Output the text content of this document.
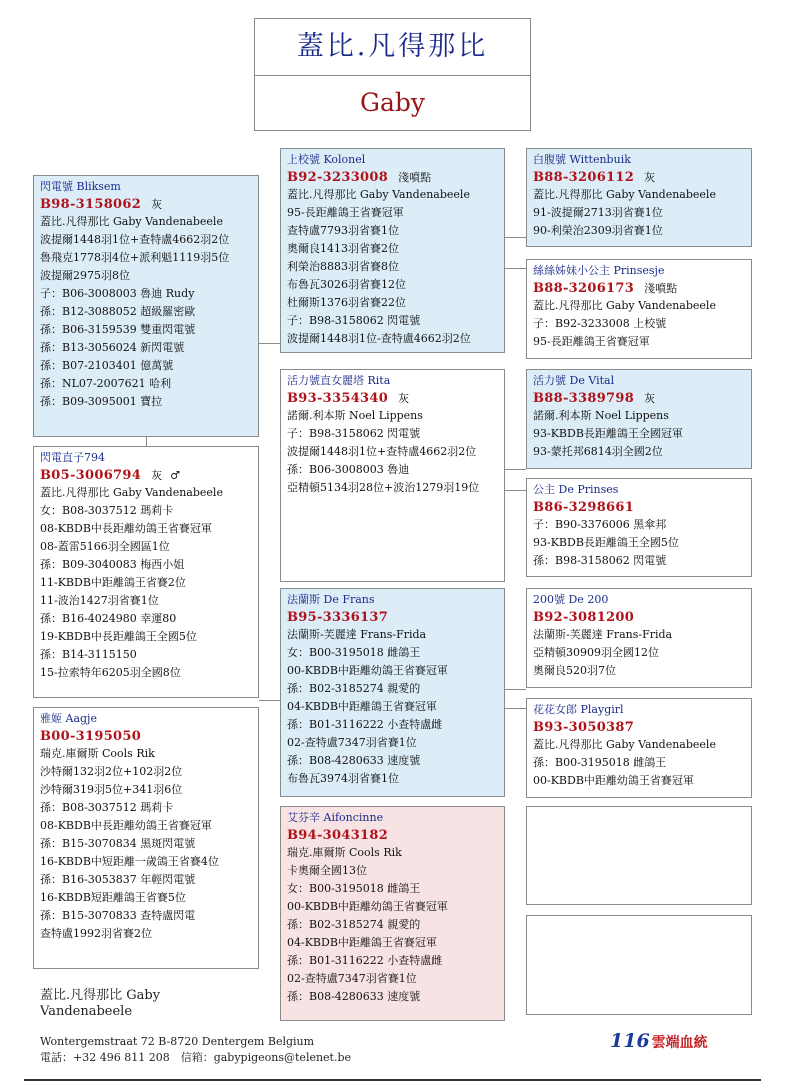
蓋比.凡得那比
Gaby
閃電號 Bliksem
B98-3158062 灰
蓋比.凡得那比 Gaby Vandenabeele
波提爾1448羽1位+查特盧4662羽2位
魯飛克1778羽4位+派利魁1119羽5位
波提爾2975羽8位
子：B06-3008003 魯迪 Rudy
孫：B12-3088052 超級羅密歐
孫：B06-3159539 雙重閃電號
孫：B13-3056024 新閃電號
孫：B07-2103401 億萬號
孫：NL07-2007621 哈利
孫：B09-3095001 寶拉
閃電直子794
B05-3006794 灰 ♂
蓋比.凡得那比 Gaby Vandenabeele
女：B08-3037512 瑪莉卡
08-KBDB中長距離幼鴿王省賽冠軍
08-蓋雷5166羽全國區1位
孫：B09-3040083 梅西小姐
11-KBDB中距離鴿王省賽2位
11-波治1427羽省賽1位
孫：B16-4024980 幸運80
19-KBDB中長距離鴿王全國5位
孫：B14-3115150
15-拉索特年6205羽全國8位
雅姬 Aagje
B00-3195050
瑞克.庫爾斯 Cools Rik
沙特爾132羽2位+102羽2位
沙特爾319羽5位+341羽6位
孫：B08-3037512 瑪莉卡
08-KBDB中長距離幼鴿王省賽冠軍
孫：B15-3070834 黑斑閃電號
16-KBDB中短距離一歲鴿王省賽4位
孫：B16-3053837 年輕閃電號
16-KBDB短距離鴿王省賽5位
孫：B15-3070833 查特盧閃電
查特盧1992羽省賽2位
上校號 Kolonel
B92-3233008 淺噴點
蓋比.凡得那比 Gaby Vandenabeele
95-長距離鴿王省賽冠軍
查特盧7793羽省賽1位
奧爾良1413羽省賽2位
利榮治8883羽省賽8位
布魯瓦3026羽省賽12位
杜爾斯1376羽省賽22位
子：B98-3158062 閃電號
波提爾1448羽1位-查特盧4662羽2位
活力號直女麗塔 Rita
B93-3354340 灰
諾爾.利本斯 Noel Lippens
子：B98-3158062 閃電號
波提爾1448羽1位+查特盧4662羽2位
孫：B06-3008003 魯迪
亞精頓5134羽28位+波治1279羽19位
法蘭斯 De Frans
B95-3336137
法蘭斯-芙麗達 Frans-Frida
女：B00-3195018 雌鴿王
00-KBDB中距離幼鴿王省賽冠軍
孫：B02-3185274 親愛的
04-KBDB中距離鴿王省賽冠軍
孫：B01-3116222 小查特盧雌
02-查特盧7347羽省賽1位
孫：B08-4280633 速度號
布魯瓦3974羽省賽1位
艾芬辛 Aifoncinne
B94-3043182
瑞克.庫爾斯 Cools Rik
卡奧爾全國13位
女：B00-3195018 雌鴿王
00-KBDB中距離幼鴿王省賽冠軍
孫：B02-3185274 親愛的
04-KBDB中距離鴿王省賽冠軍
孫：B01-3116222 小查特盧雌
02-查特盧7347羽省賽1位
孫：B08-4280633 速度號
白腹號 Wittenbuik
B88-3206112 灰
蓋比.凡得那比 Gaby Vandenabeele
91-波提爾2713羽省賽1位
90-利榮治2309羽省賽1位
絲絲姊妹小公主 Prinsesje
B88-3206173 淺噴點
蓋比.凡得那比 Gaby Vandenabeele
子：B92-3233008 上校號
95-長距離鴿王省賽冠軍
活力號 De Vital
B88-3389798 灰
諾爾.利本斯 Noel Lippens
93-KBDB長距離鴿王全國冠軍
93-蒙托邦6814羽全國2位
公主 De Prinses
B86-3298661
子：B90-3376006 黑傘邦
93-KBDB長距離鴿王全國5位
孫：B98-3158062 閃電號
200號 De 200
B92-3081200
法蘭斯-芙麗達 Frans-Frida
亞精頓30909羽全國12位
奧爾良520羽7位
花花女郎 Playgirl
B93-3050387
蓋比.凡得那比 Gaby Vandenabeele
孫：B00-3195018 雌鴿王
00-KBDB中距離幼鴿王省賽冠軍
蓋比.凡得那比 Gaby
Vandenabeele
Wontergemstraat 72 B-8720 Dentergem Belgium
電話：+32 496 811 208　信箱：gabypigeons@telenet.be
116 雲端血統
